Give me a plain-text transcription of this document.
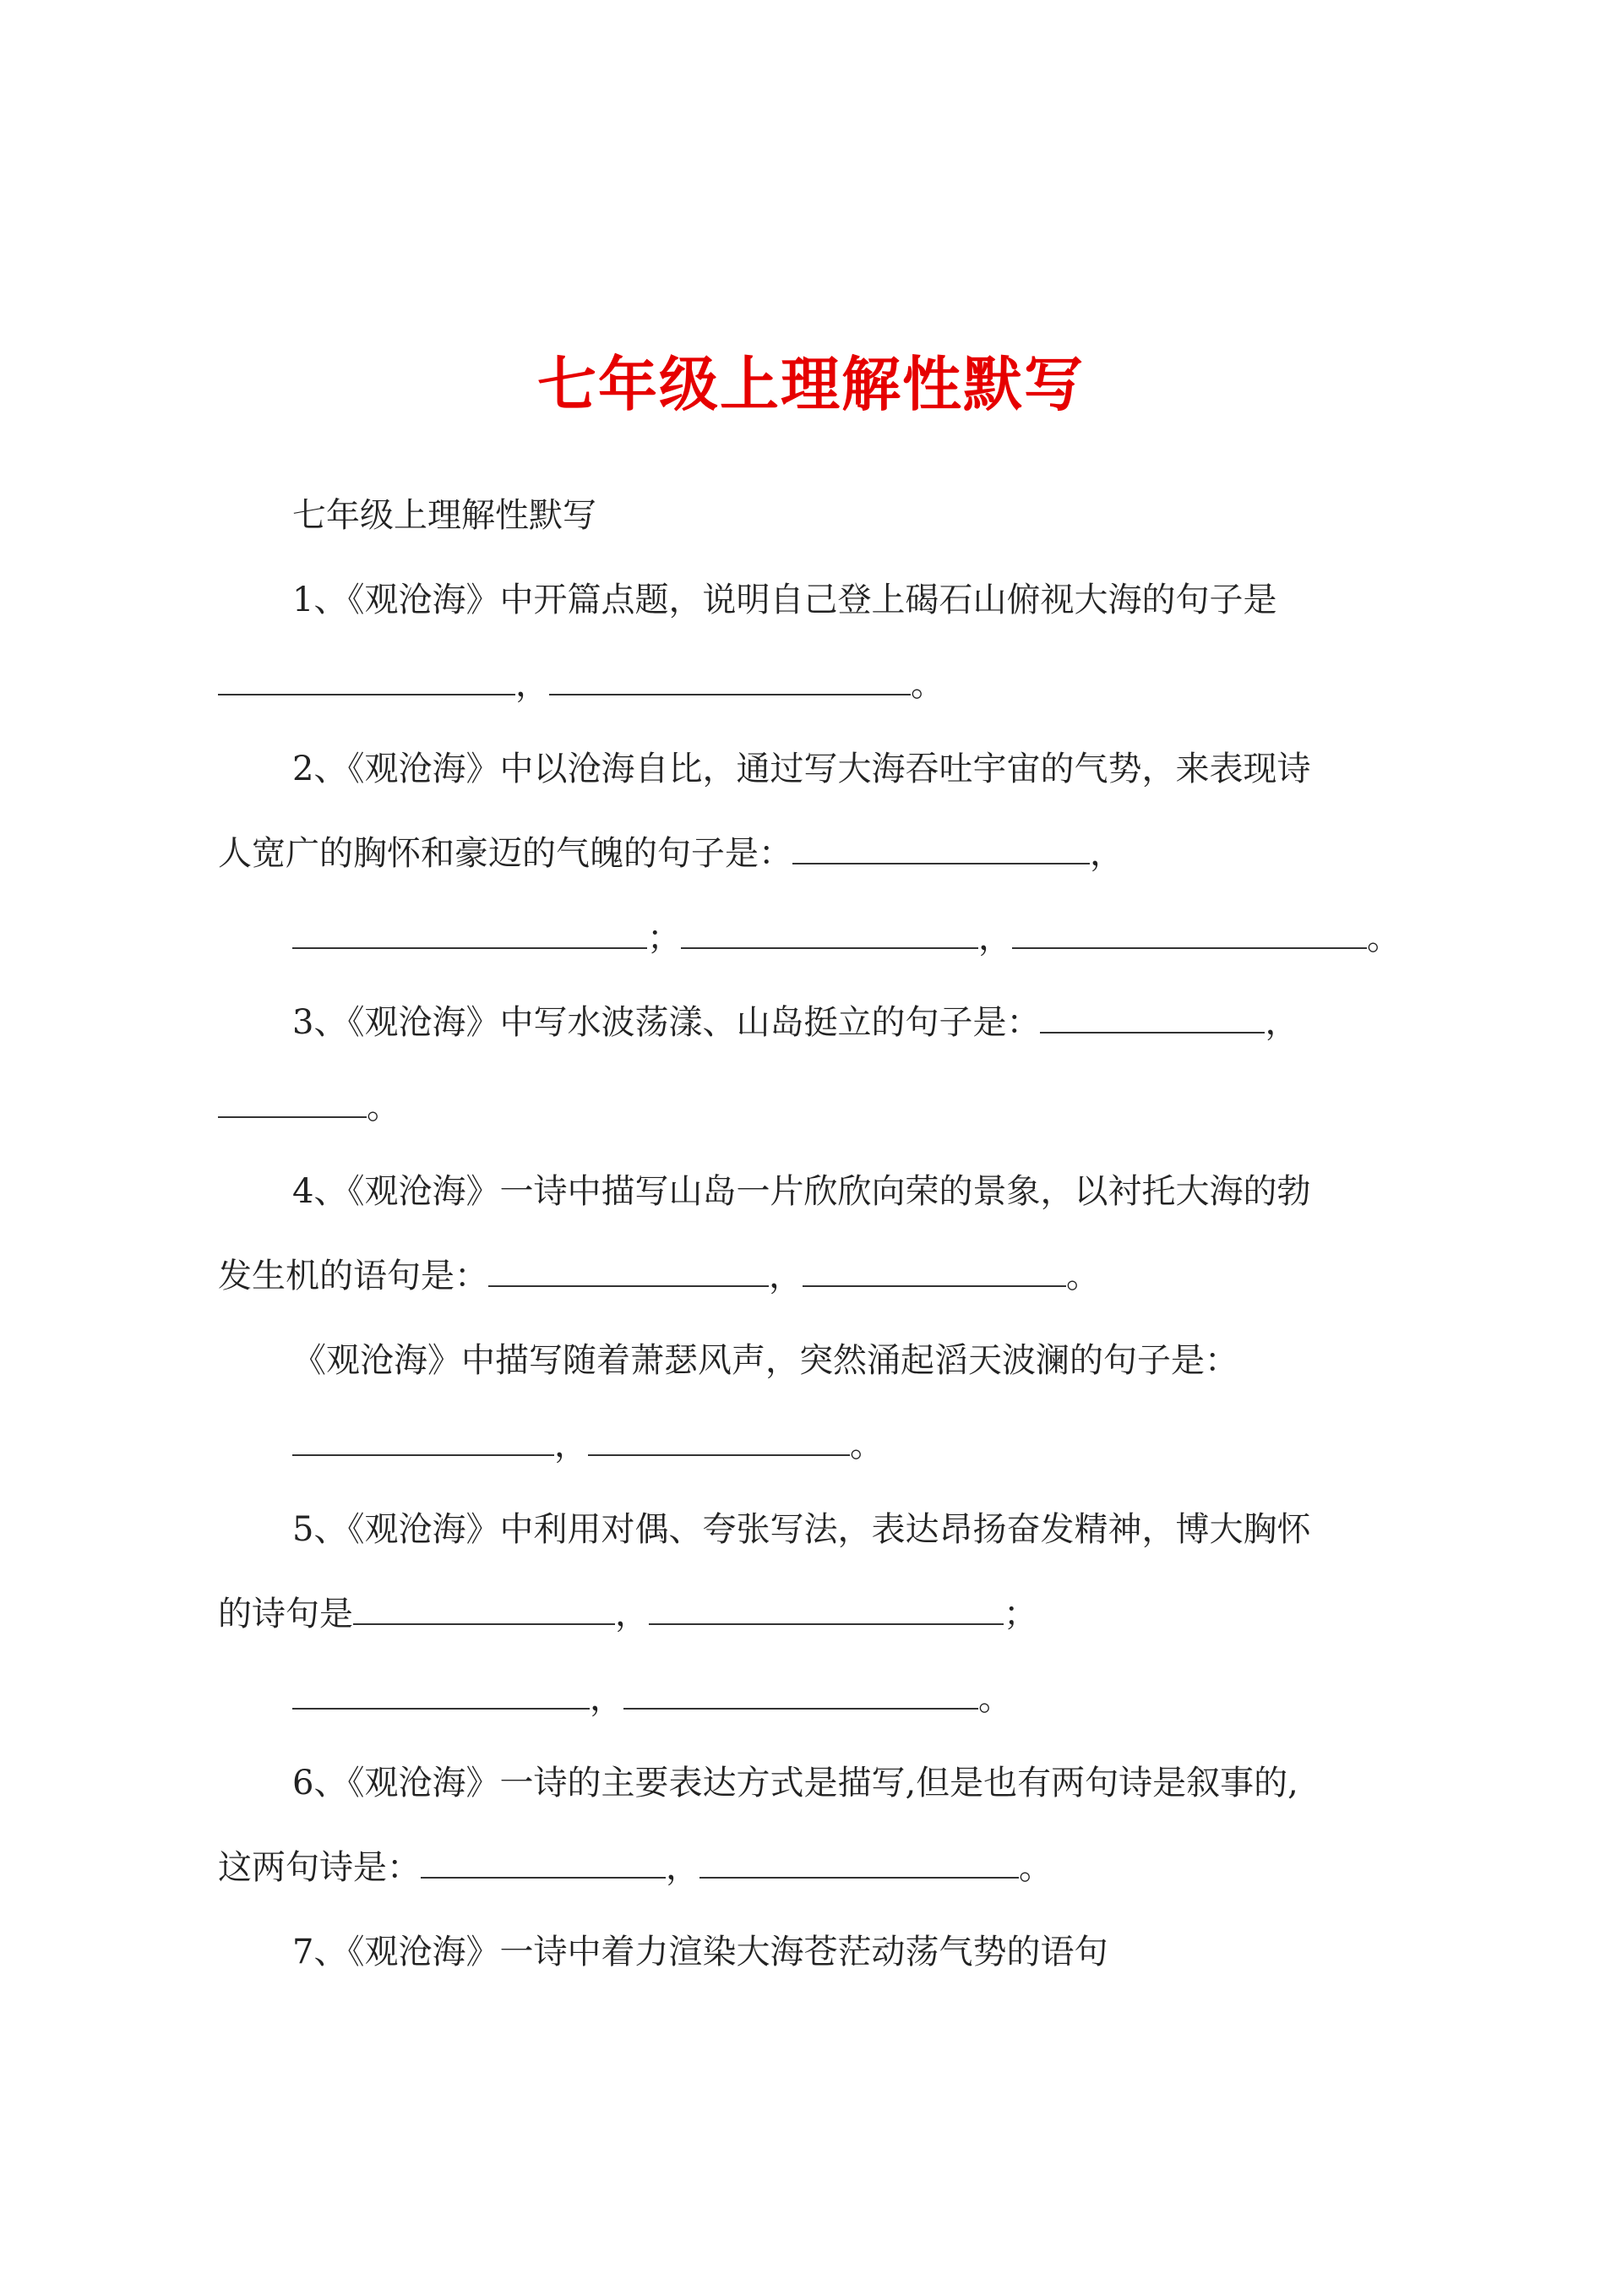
七年级上理解性默写
七年级上理解性默写
1、《观沧海》中开篇点题，说明自己登上碣石山俯视大海的句子是
，	。
2、《观沧海》中以沧海自比，通过写大海吞吐宇宙的气势，来表现诗
人宽广的胸怀和豪迈的气魄的句子是：	，
；	，	。
3、《观沧海》中写水波荡漾、山岛挺立的句子是：	，
。
4、《观沧海》一诗中描写山岛一片欣欣向荣的景象，以衬托大海的勃
发生机的语句是：	，	。
《观沧海》中描写随着萧瑟风声，突然涌起滔天波澜的句子是：
，	。
5、《观沧海》中利用对偶、夸张写法，表达昂扬奋发精神，博大胸怀
的诗句是	，	；
，	。
6、《观沧海》一诗的主要表达方式是描写,但是也有两句诗是叙事的,
这两句诗是：	，	。
7、《观沧海》一诗中着力渲染大海苍茫动荡气势的语句
